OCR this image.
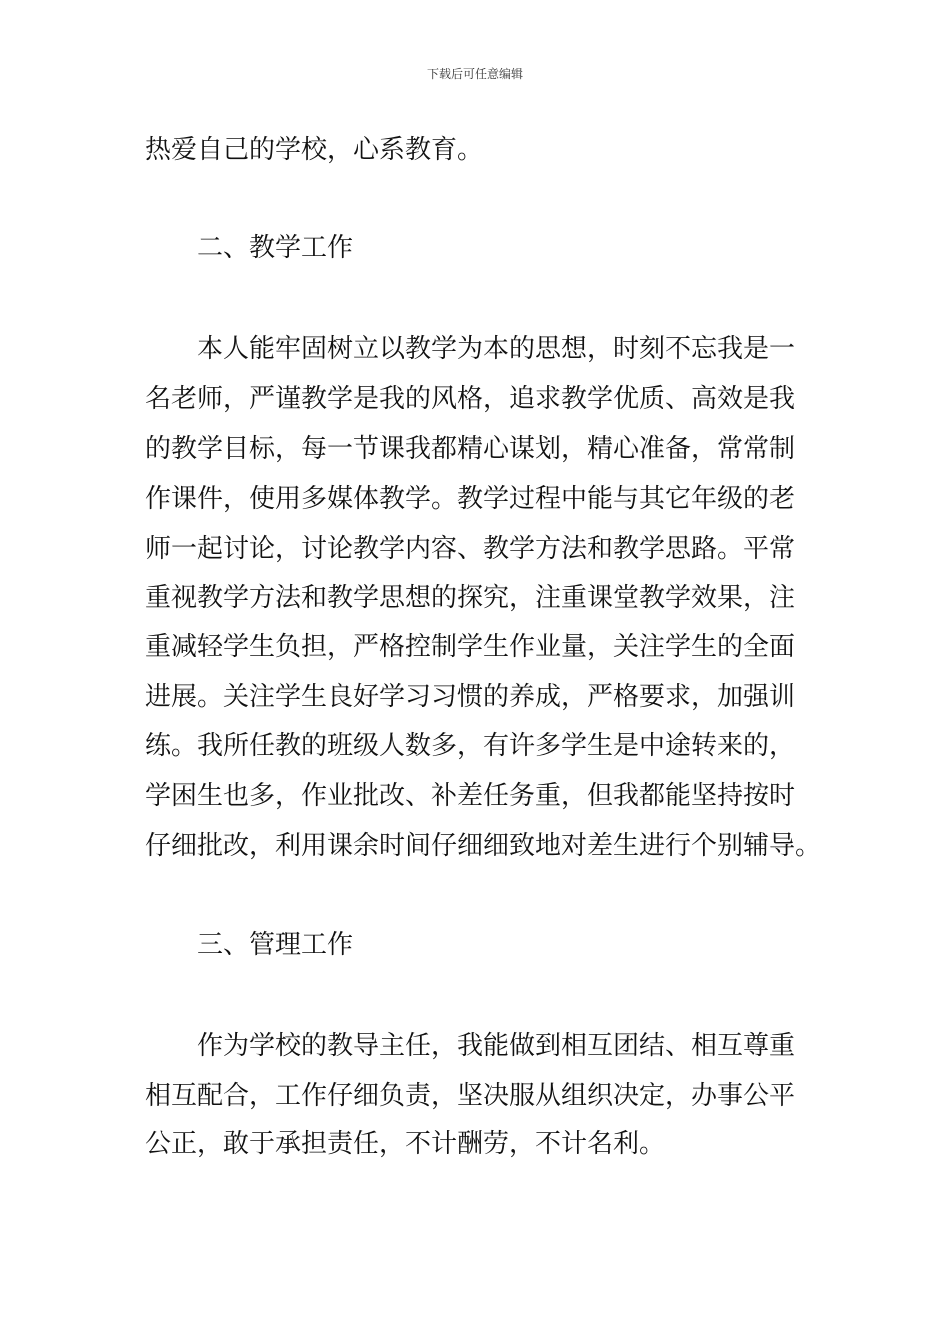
下载后可任意编辑
热爱自己的学校，心系教育。
二、教学工作
本人能牢固树立以教学为本的思想，时刻不忘我是一
名老师，严谨教学是我的风格，追求教学优质、高效是我
的教学目标，每一节课我都精心谋划，精心准备，常常制
作课件，使用多媒体教学。教学过程中能与其它年级的老
师一起讨论，讨论教学内容、教学方法和教学思路。平常
重视教学方法和教学思想的探究，注重课堂教学效果，注
重减轻学生负担，严格控制学生作业量，关注学生的全面
进展。关注学生良好学习习惯的养成，严格要求，加强训
练。我所任教的班级人数多，有许多学生是中途转来的，
学困生也多，作业批改、补差任务重，但我都能坚持按时
仔细批改，利用课余时间仔细细致地对差生进行个别辅导。
三、管理工作
作为学校的教导主任，我能做到相互团结、相互尊重
相互配合，工作仔细负责，坚决服从组织决定，办事公平
公正，敢于承担责任，不计酬劳，不计名利。
